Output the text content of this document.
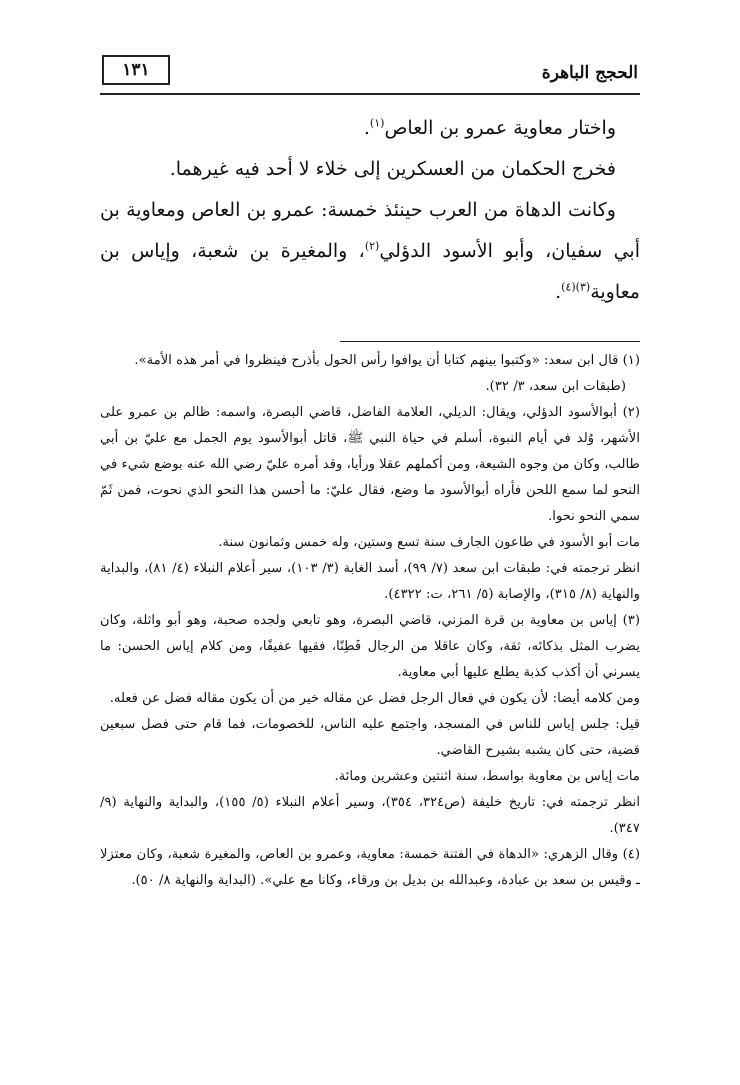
١٣١	الحجج الباهرة

واختار معاوية عمرو بن العاص$^{(١)}$.

فخرج الحكمان من العسكرين إلى خلاء لا أحد فيه غيرهما.

وكانت الدهاة من العرب حينئذ خمسة: عمرو بن العاص ومعاوية بن أبي سفيان، وأبو الأسود الدؤلي$^{(٢)}$، والمغيرة بن شعبة، وإياس بن معاوية$^{(٣)(٤)}$.

(١) قال ابن سعد: «وكتبوا بينهم كتابا أن يوافوا رأس الحول بأذرح فينظروا في أمر هذه الأمة».

(طبقات ابن سعد، ٣/ ٣٢).

(٢) أبوالأسود الدؤلي، ويقال: الديلي، العلامة الفاضل، قاضي البصرة، واسمه: ظالم بن عمرو على الأشهر، وُلد في أيام النبوة، أسلم في حياة النبي ﷺ، قاتل أبوالأسود يوم الجمل مع عليّ بن أبي طالب، وكان من وجوه الشيعة، ومن أكملهم عقلا ورأيا، وقد أمره عليّ رضي الله عنه بوضع شيء في النحو لما سمع اللحن فأراه أبوالأسود ما وضع، فقال عليّ: ما أحسن هذا النحو الذي نحوت، فمن ثَمّ سمي النحو نحوا.

مات أبو الأسود في طاعون الجارف سنة تسع وستين، وله خمس وثمانون سنة.

انظر ترجمته في: طبقات ابن سعد (٧/ ٩٩)، أسد الغابة (٣/ ١٠٣)، سير أعلام النبلاء (٤/ ٨١)، والبداية والنهاية (٨/ ٣١٥)، والإصابة (٥/ ٢٦١، ت: ٤٣٢٢).

(٣) إياس بن معاوية بن قرة المزني، قاضي البصرة، وهو تابعي ولجده صحبة، وهو أبو واثلة، وكان يضرب المثل بذكائه، ثقة، وكان عاقلا من الرجال فَطِنًا، فقيها عفيفًا، ومن كلام إياس الحسن: ما يسرني أن أكذب كذبة يطلع عليها أبي معاوية.

ومن كلامه أيضا: لأن يكون في فعال الرجل فضل عن مقاله خير من أن يكون مقاله فضل عن فعله.

قيل: جلس إياس للناس في المسجد، واجتمع عليه الناس، للخصومات، فما قام حتى فصل سبعين قضية، حتى كان يشبه بشيرح القاضي.

مات إياس بن معاوية بواسط، سنة اثنتين وعشرين ومائة.

انظر ترجمته في: تاريخ خليفة (ص٣٢٤، ٣٥٤)، وسير أعلام النبلاء (٥/ ١٥٥)، والبداية والنهاية (٩/ ٣٤٧).

(٤) وقال الزهري: «الدهاة في الفتنة خمسة: معاوية، وعمرو بن العاص، والمغيرة شعبة، وكان معتزلا ـ وقيس بن سعد بن عبادة، وعبدالله بن بديل بن ورقاء، وكانا مع علي». (البداية والنهاية ٨/ ٥٠).
